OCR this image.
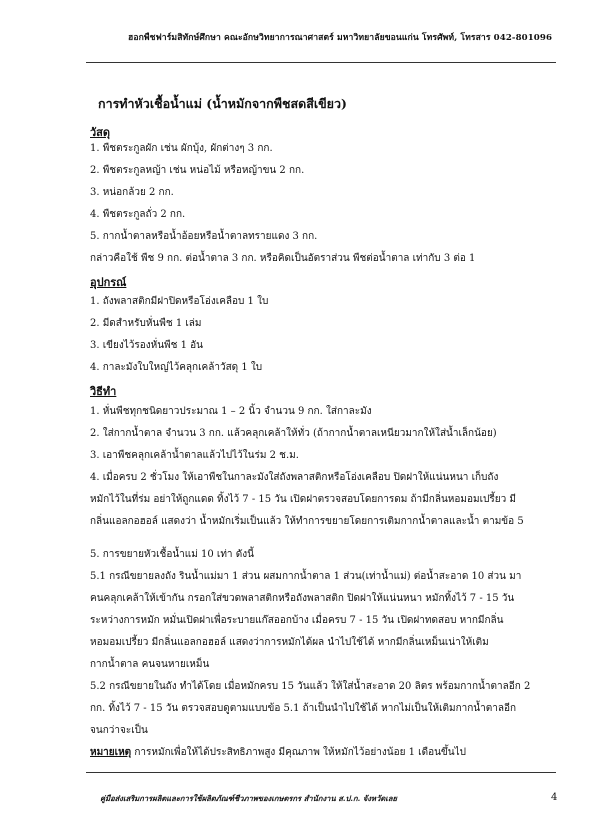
ฮอกพืชฟาร์มสิทักษ์ศึกษา คณะอักษวิทยาการณาศาสตร์ มหาวิทยาลัยขอนแก่น โทรศัพท์, โทรสาร 042-801096
การทำหัวเชื้อน้ำแม่ (น้ำหมักจากพืชสดสีเขียว)
วัสดุ
1. พืชตระกูลผัก เช่น ผักบุ้ง, ผักต่างๆ 3 กก.
2. พืชตระกูลหญ้า เช่น หน่อไม้ หรือหญ้าขน 2 กก.
3. หน่อกล้วย 2 กก.
4. พืชตระกูลถั่ว 2 กก.
5. กากน้ำตาลหรือน้ำอ้อยหรือน้ำตาลทรายแดง 3 กก.
กล่าวคือใช้ พืช 9 กก. ต่อน้ำตาล 3 กก. หรือคิดเป็นอัตราส่วน พืชต่อน้ำตาล เท่ากับ 3 ต่อ 1
อุปกรณ์
1. ถังพลาสติกมีฝาปิดหรือโอ่งเคลือบ 1 ใบ
2. มีดสำหรับหั่นพืช 1 เล่ม
3. เขียงไว้รองหั่นพืช 1 อัน
4. กาละมังใบใหญ่ไว้คลุกเคล้าวัสดุ 1 ใบ
วิธีทำ
1. หั่นพืชทุกชนิดยาวประมาณ 1 – 2 นิ้ว จำนวน 9 กก. ใส่กาละมัง
2. ใส่กากน้ำตาล จำนวน 3 กก. แล้วคลุกเคล้าให้ทั่ว (ถ้ากากน้ำตาลเหนียวมากให้ใส่น้ำเล็กน้อย)
3. เอาพืชคลุกเคล้าน้ำตาลแล้วไปไว้ในร่ม 2 ช.ม.
4. เมื่อครบ 2 ชั่วโมง ให้เอาพืชในกาละมังใส่ถังพลาสติกหรือโอ่งเคลือบ ปิดฝาให้แน่นหนา เก็บถัง
หมักไว้ในที่ร่ม อย่าให้ถูกแดด ทิ้งไว้ 7 - 15 วัน เปิดฝาตรวจสอบโดยการดม ถ้ามีกลิ่นหอมอมเปรี้ยว มี
กลิ่นแอลกอฮอล์ แสดงว่า น้ำหมักเริ่มเป็นแล้ว ให้ทำการขยายโดยการเติมกากน้ำตาลและน้ำ ตามข้อ 5
5. การขยายหัวเชื้อน้ำแม่ 10 เท่า ดังนี้
5.1 กรณีขยายลงถัง รินน้ำแม่มา 1 ส่วน ผสมกากน้ำตาล 1 ส่วน(เท่าน้ำแม่) ต่อน้ำสะอาด 10 ส่วน มา
คนคลุกเคล้าให้เข้ากัน กรอกใส่ขวดพลาสติกหรือถังพลาสติก ปิดฝาให้แน่นหนา หมักทิ้งไว้ 7 - 15 วัน
ระหว่างการหมัก หมั่นเปิดฝาเพื่อระบายแก๊สออกบ้าง เมื่อครบ 7 - 15 วัน เปิดฝาทดสอบ หากมีกลิ่น
หอมอมเปรี้ยว มีกลิ่นแอลกอฮอล์ แสดงว่าการหมักได้ผล นำไปใช้ได้ หากมีกลิ่นเหม็นเน่าให้เติม
กากน้ำตาล คนจนหายเหม็น
5.2 กรณีขยายในถัง ทำได้โดย เมื่อหมักครบ 15 วันแล้ว ให้ใส่น้ำสะอาด 20 ลิตร พร้อมกากน้ำตาลอีก 2
กก. ทิ้งไว้ 7 - 15 วัน ตรวจสอบดูตามแบบข้อ 5.1 ถ้าเป็นนำไปใช้ได้ หากไม่เป็นให้เติมกากน้ำตาลอีก
จนกว่าจะเป็น
หมายเหตุ การหมักเพื่อให้ได้ประสิทธิภาพสูง มีคุณภาพ ให้หมักไว้อย่างน้อย 1 เดือนขึ้นไป
คู่มือส่งเสริมการผลิตและการใช้ผลิตภัณฑ์ชีวภาพของเกษตรกร สำนักงาน ส.ป.ก. จังหวัดเลย	4
